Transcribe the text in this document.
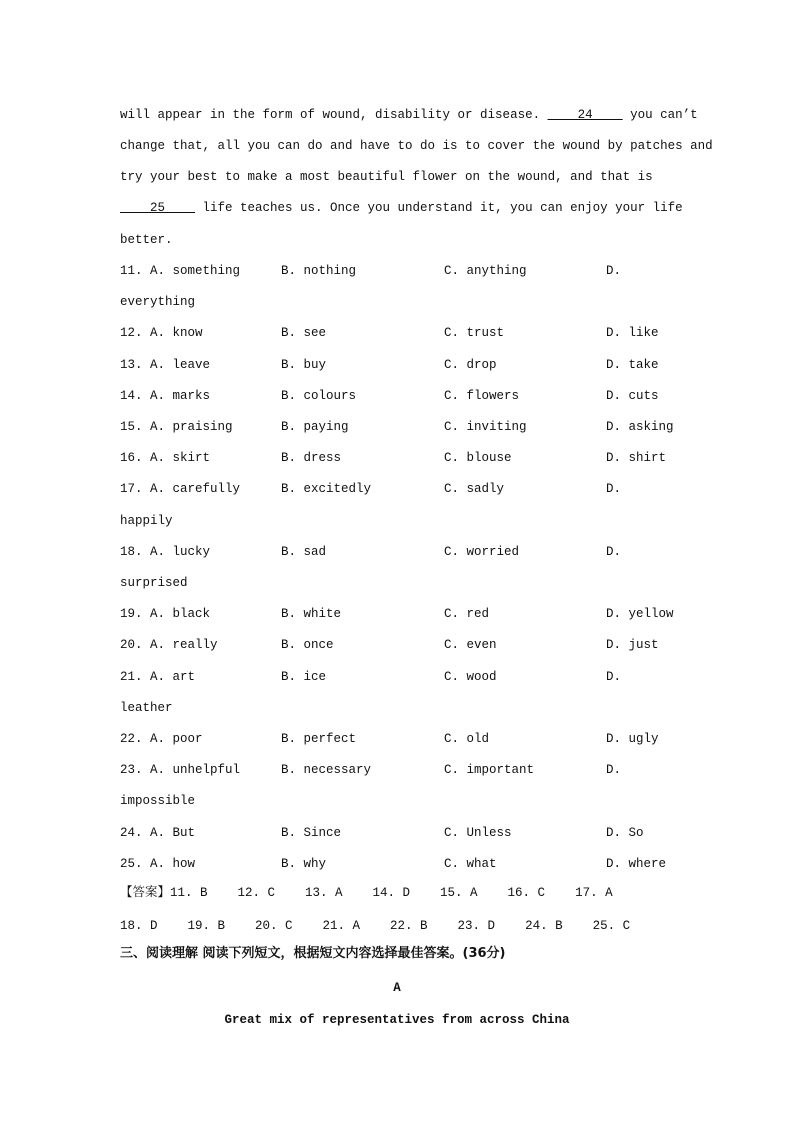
will appear in the form of wound, disability or disease. ____24____ you can’t
change that, all you can do and have to do is to cover the wound by patches and
try your best to make a most beautiful flower on the wound, and that is
____25____ life teaches us. Once you understand it, you can enjoy your life
better.
11. A. something	B. nothing	C. anything	D.
everything
12. A. know	B. see	C. trust	D. like
13. A. leave	B. buy	C. drop	D. take
14. A. marks	B. colours	C. flowers	D. cuts
15. A. praising	B. paying	C. inviting	D. asking
16. A. skirt	B. dress	C. blouse	D. shirt
17. A. carefully	B. excitedly	C. sadly	D.
happily
18. A. lucky	B. sad	C. worried	D.
surprised
19. A. black	B. white	C. red	D. yellow
20. A. really	B. once	C. even	D. just
21. A. art	B. ice	C. wood	D.
leather
22. A. poor	B. perfect	C. old	D. ugly
23. A. unhelpful	B. necessary	C. important	D.
impossible
24. A. But	B. Since	C. Unless	D. So
25. A. how	B. why	C. what	D. where
【答案】11. B    12. C    13. A    14. D    15. A    16. C    17. A
18. D    19. B    20. C    21. A    22. B    23. D    24. B    25. C
三、阅读理解 阅读下列短文，根据短文内容选择最佳答案。(36分)
A
Great mix of representatives from across China
